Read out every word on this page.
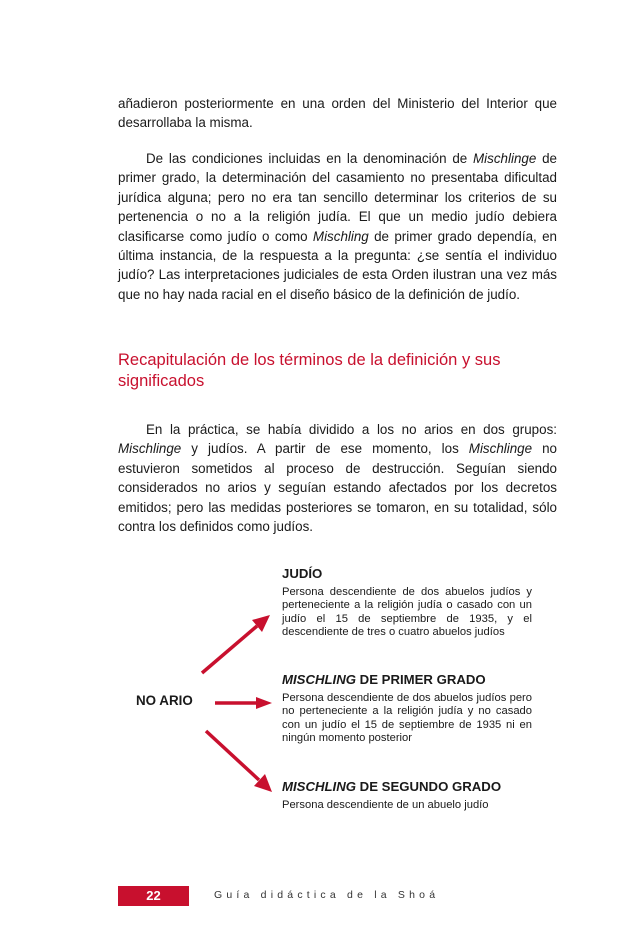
añadieron posteriormente en una orden del Ministerio del Interior que desarrollaba la misma.

De las condiciones incluidas en la denominación de Mischlinge de primer grado, la determinación del casamiento no presentaba dificultad jurídica alguna; pero no era tan sencillo determinar los criterios de su pertenencia o no a la religión judía. El que un medio judío debiera clasificarse como judío o como Mischling de primer grado dependía, en última instancia, de la respuesta a la pregunta: ¿se sentía el individuo judío? Las interpretaciones judiciales de esta Orden ilustran una vez más que no hay nada racial en el diseño básico de la definición de judío.

Recapitulación de los términos de la definición y sus significados

En la práctica, se había dividido a los no arios en dos grupos: Mischlinge y judíos. A partir de ese momento, los Mischlinge no estuvieron sometidos al proceso de destrucción. Seguían siendo considerados no arios y seguían estando afectados por los decretos emitidos; pero las medidas posteriores se tomaron, en su totalidad, sólo contra los definidos como judíos.

NO ARIO

JUDÍO

Persona descendiente de dos abuelos judíos y perteneciente a la religión judía o casado con un judío el 15 de septiembre de 1935, y el descendiente de tres o cuatro abuelos judíos

MISCHLING DE PRIMER GRADO

Persona descendiente de dos abuelos judíos pero no perteneciente a la religión judía y no casado con un judío el 15 de septiembre de 1935 ni en ningún momento posterior

MISCHLING DE SEGUNDO GRADO

Persona descendiente de un abuelo judío

22	Guía didáctica de la Shoá
